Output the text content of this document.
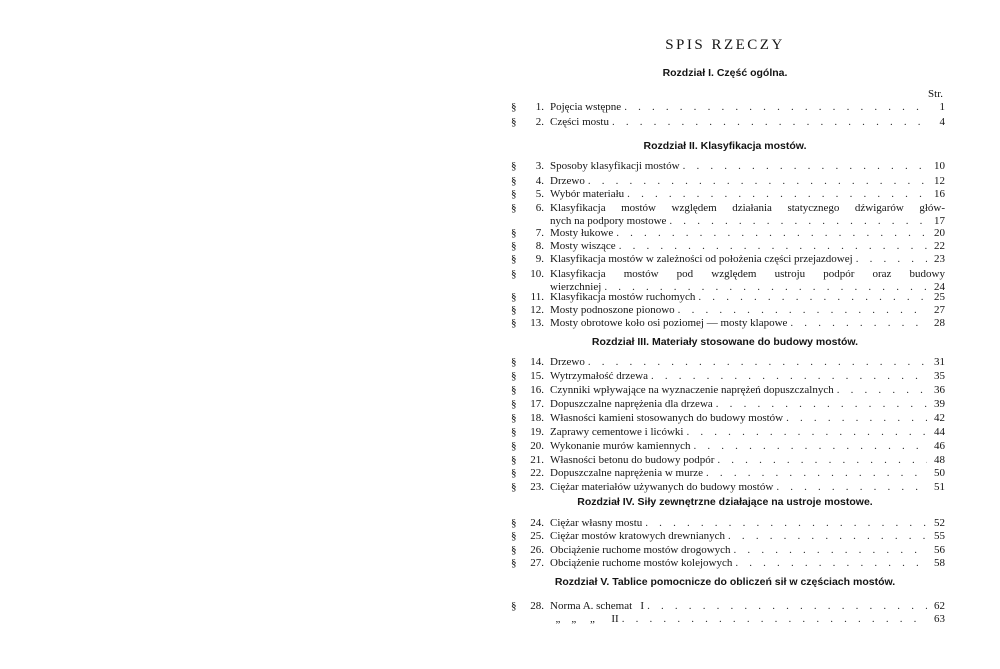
SPIS RZECZY
Str.
Rozdział I. Część ogólna.
§	1. Pojęcia wstępne . . .	1
§	2. Części mostu . . .	4
Rozdział II. Klasyfikacja mostów.
§	3. Sposoby klasyfikacji mostów . . .	10
§	4. Drzewo . . .	12
§	5. Wybór materiału . . .	16
§	6. Klasyfikacja mostów względem działania statycznego dźwigarów głów-
nych na podpory mostowe . . .	17
§	7. Mosty łukowe . . .	20
§	8. Mosty wiszące . . .	22
§	9. Klasyfikacja mostów w zależności od położenia części przejazdowej . . .	23
§	10. Klasyfikacja mostów pod względem ustroju podpór oraz budowy
wierzchniej . . .	24
§	11. Klasyfikacja mostów ruchomych . . .	25
§	12. Mosty podnoszone pionowo . . .	27
§	13. Mosty obrotowe koło osi poziomej — mosty klapowe . . .	28
Rozdział III. Materiały stosowane do budowy mostów.
§	14. Drzewo . . .	31
§	15. Wytrzymałość drzewa . . .	35
§	16. Czynniki wpływające na wyznaczenie naprężeń dopuszczalnych . . .	36
§	17. Dopuszczalne naprężenia dla drzewa . . .	39
§	18. Własności kamieni stosowanych do budowy mostów . . .	42
§	19. Zaprawy cementowe i licówki . . .	44
§	20. Wykonanie murów kamiennych . . .	46
§	21. Własności betonu do budowy podpór . . .	48
§	22. Dopuszczalne naprężenia w murze . . .	50
§	23. Ciężar materiałów używanych do budowy mostów . . .	51
Rozdział IV. Siły zewnętrzne działające na ustroje mostowe.
§	24. Ciężar własny mostu . . .	52
§	25. Ciężar mostów kratowych drewnianych . . .	55
§	26. Obciążenie ruchome mostów drogowych . . .	56
§	27. Obciążenie ruchome mostów kolejowych . . .	58
Rozdział V. Tablice pomocnicze do obliczeń sił w częściach mostów.
§	28. Norma A. schemat   I . . .	62
„    „     „      II . . .	63
